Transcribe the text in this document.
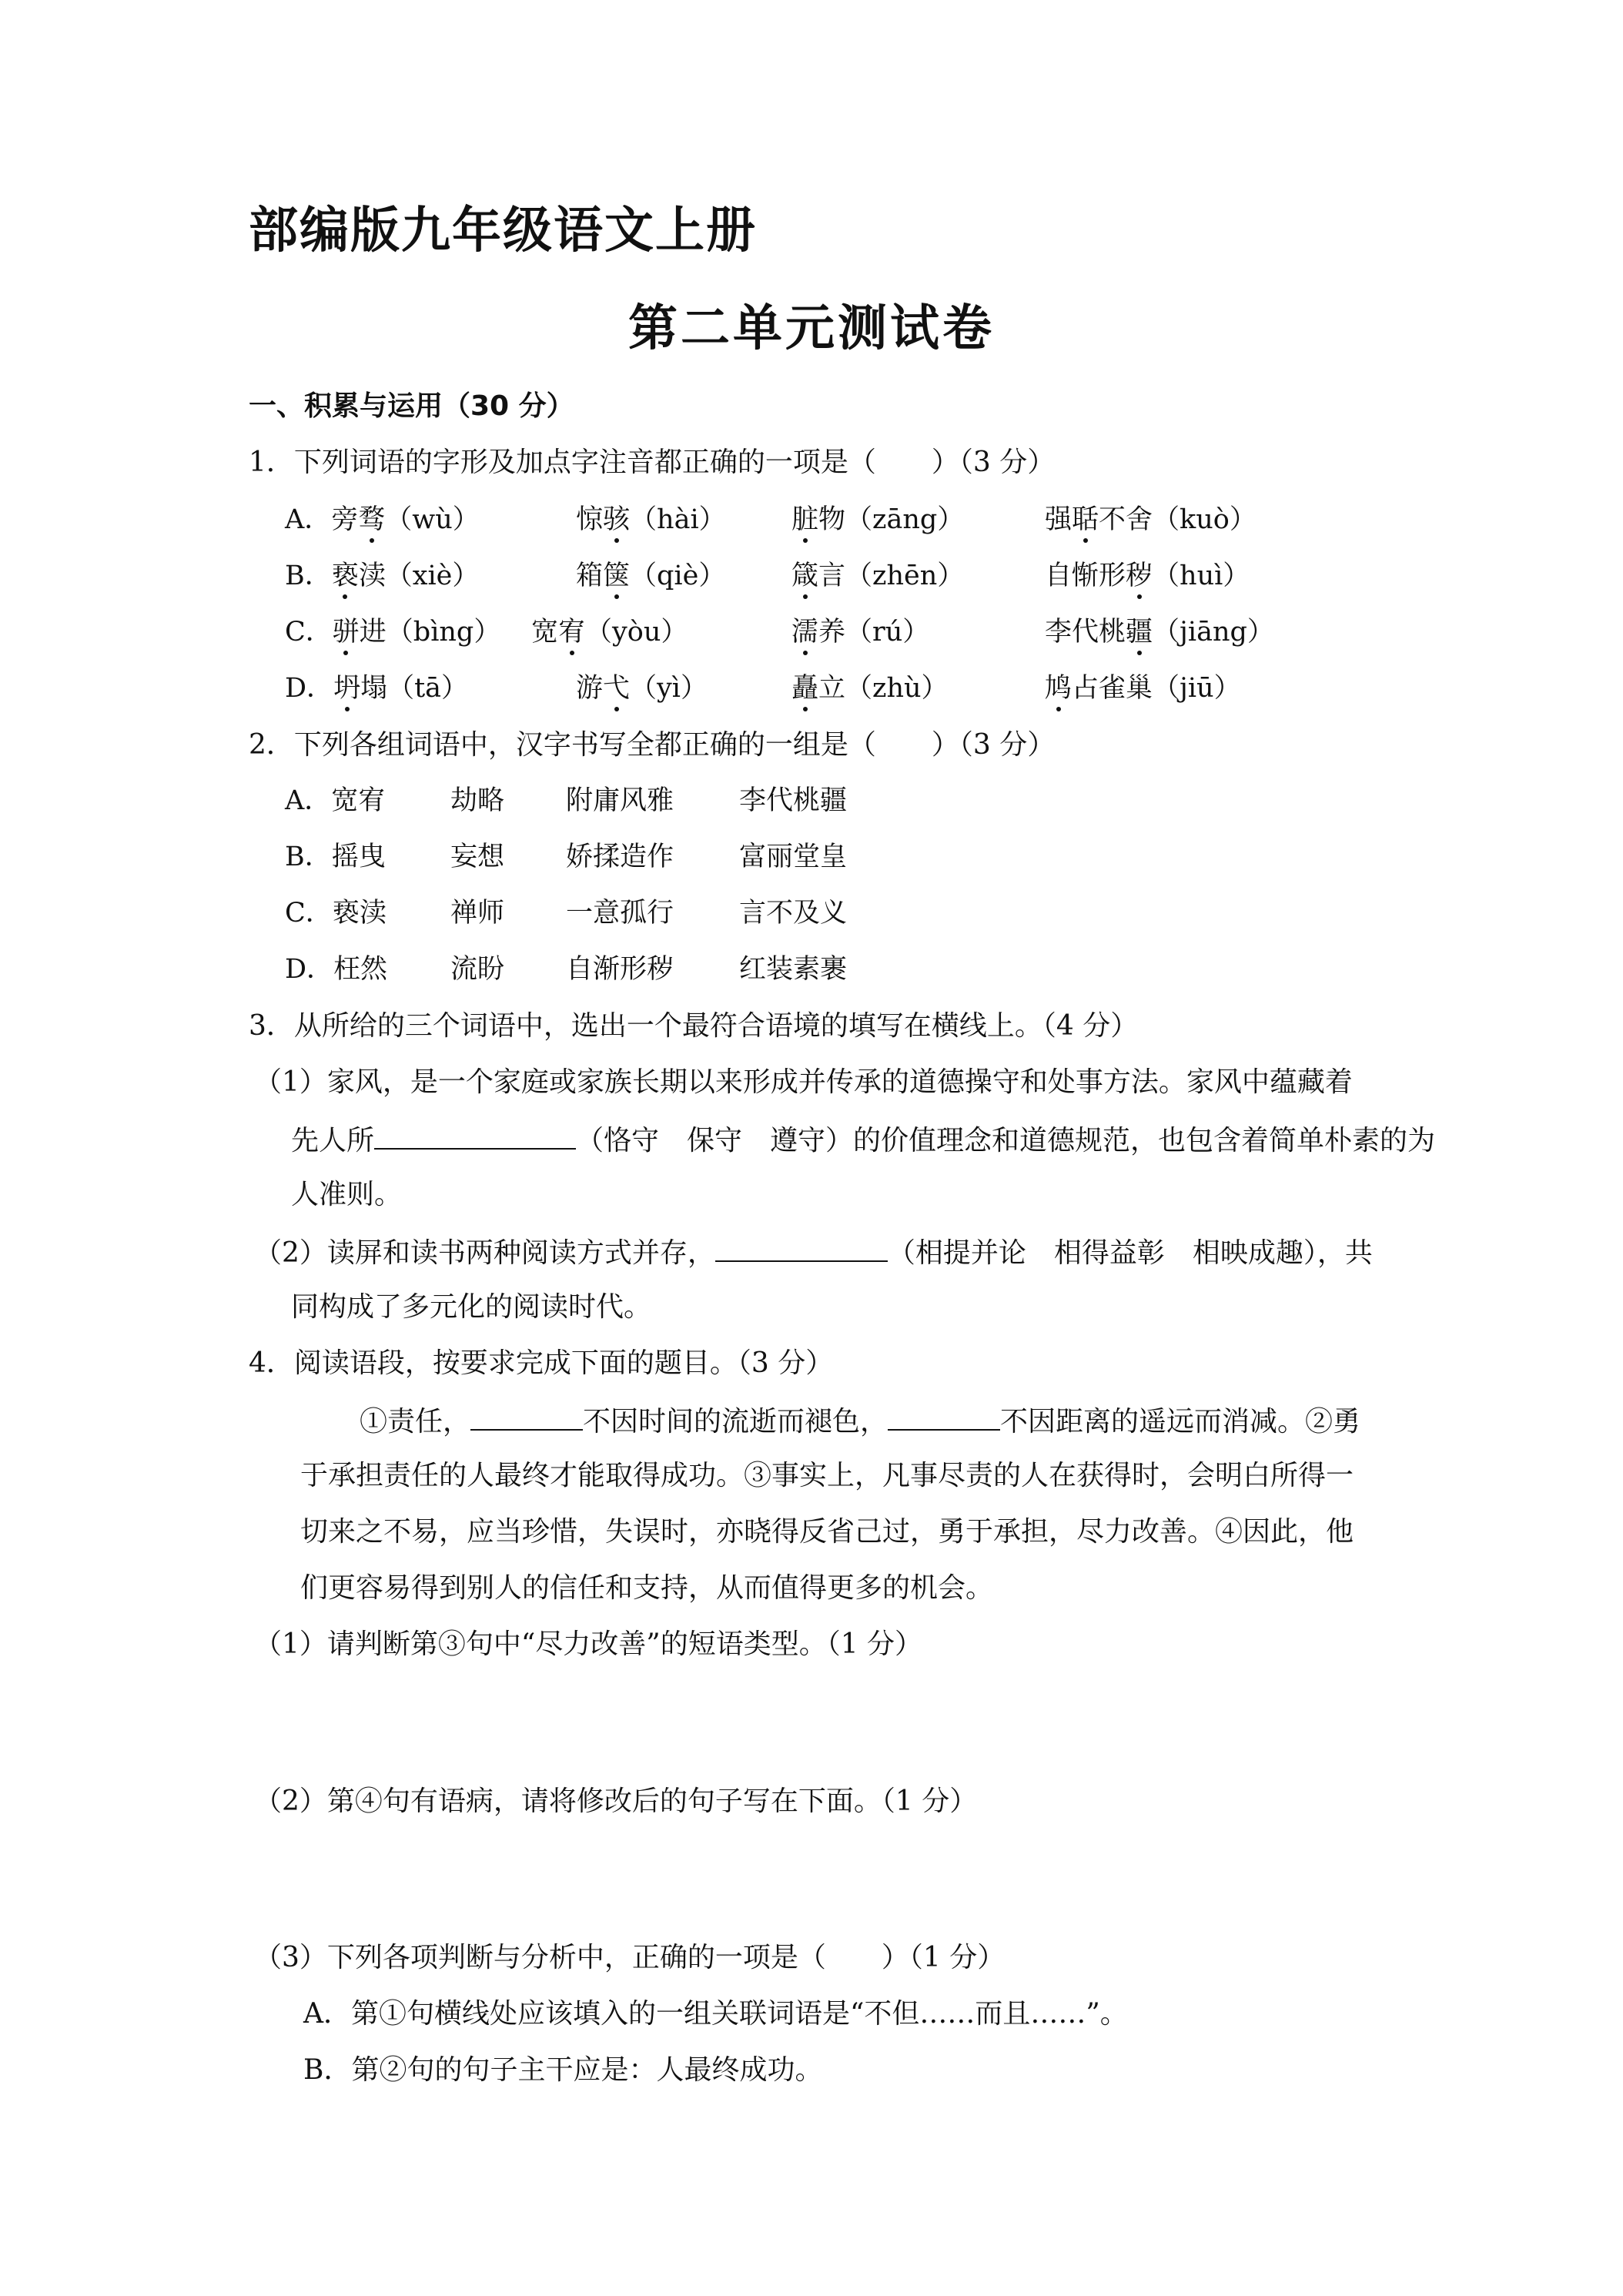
部编版九年级语文上册
第二单元测试卷
一、积累与运用（30 分）
1．下列词语的字形及加点字注音都正确的一项是（　　）（3 分）
A．旁骛（wù）	惊骇（hài） 脏物（zāng）	强聒不舍（kuò）
B．亵渎（xiè）	箱箧（qiè） 箴言（zhēn）	自惭形秽（huì）
C．骈进（bìng） 宽宥（yòu）	濡养（rú）	李代桃疆（jiāng）
D．坍塌（tā）	游弋（yì）	矗立（zhù）	鸠占雀巢（jiū）
2．下列各组词语中，汉字书写全都正确的一组是（　　）（3 分）
A．宽宥 劫略 附庸风雅 李代桃疆
B．摇曳 妄想 娇揉造作 富丽堂皇
C．亵渎 禅师 一意孤行 言不及义
D．枉然 流盼 自渐形秽 红装素裹
3．从所给的三个词语中，选出一个最符合语境的填写在横线上。（4 分）
（1）家风，是一个家庭或家族长期以来形成并传承的道德操守和处事方法。家风中蕴藏着
先人所	（恪守　保守　遵守）的价值理念和道德规范，也包含着简单朴素的为
人准则。
（2）读屏和读书两种阅读方式并存，	（相提并论　相得益彰　相映成趣），共
同构成了多元化的阅读时代。
4．阅读语段，按要求完成下面的题目。（3 分）
①责任，	不因时间的流逝而褪色，	不因距离的遥远而消减。②勇
于承担责任的人最终才能取得成功。③事实上，凡事尽责的人在获得时，会明白所得一
切来之不易，应当珍惜，失误时，亦晓得反省己过，勇于承担，尽力改善。④因此，他
们更容易得到别人的信任和支持，从而值得更多的机会。
（1）请判断第③句中“尽力改善”的短语类型。（1 分）
（2）第④句有语病，请将修改后的句子写在下面。（1 分）
（3）下列各项判断与分析中，正确的一项是（　　）（1 分）
A．第①句横线处应该填入的一组关联词语是“不但……而且……”。
B．第②句的句子主干应是：人最终成功。
